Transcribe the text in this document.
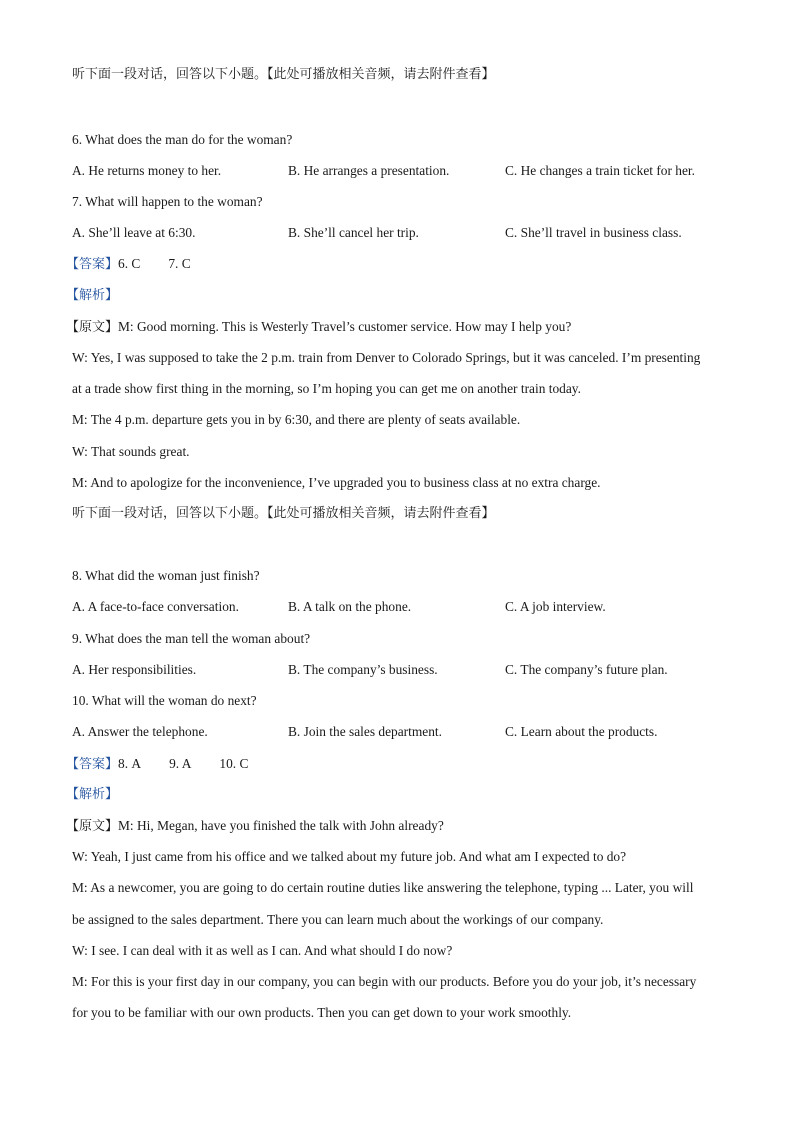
听下面一段对话，回答以下小题。【此处可播放相关音频，请去附件查看】
6. What does the man do for the woman?
A. He returns money to her.	B. He arranges a presentation.	C. He changes a train ticket for her.
7. What will happen to the woman?
A. She’ll leave at 6:30.	B. She’ll cancel her trip.	C. She’ll travel in business class.
【答案】6. C 7. C
【解析】
【原文】M: Good morning. This is Westerly Travel’s customer service. How may I help you?
W: Yes, I was supposed to take the 2 p.m. train from Denver to Colorado Springs, but it was canceled. I’m presenting
at a trade show first thing in the morning, so I’m hoping you can get me on another train today.
M: The 4 p.m. departure gets you in by 6:30, and there are plenty of seats available.
W: That sounds great.
M: And to apologize for the inconvenience, I’ve upgraded you to business class at no extra charge.
听下面一段对话，回答以下小题。【此处可播放相关音频，请去附件查看】
8. What did the woman just finish?
A. A face-to-face conversation.	B. A talk on the phone.	C. A job interview.
9. What does the man tell the woman about?
A. Her responsibilities.	B. The company’s business.	C. The company’s future plan.
10. What will the woman do next?
A. Answer the telephone.	B. Join the sales department.	C. Learn about the products.
【答案】8. A 9. A 10. C
【解析】
【原文】M: Hi, Megan, have you finished the talk with John already?
W: Yeah, I just came from his office and we talked about my future job. And what am I expected to do?
M: As a newcomer, you are going to do certain routine duties like answering the telephone, typing ... Later, you will
be assigned to the sales department. There you can learn much about the workings of our company.
W: I see. I can deal with it as well as I can. And what should I do now?
M: For this is your first day in our company, you can begin with our products. Before you do your job, it’s necessary
for you to be familiar with our own products. Then you can get down to your work smoothly.
